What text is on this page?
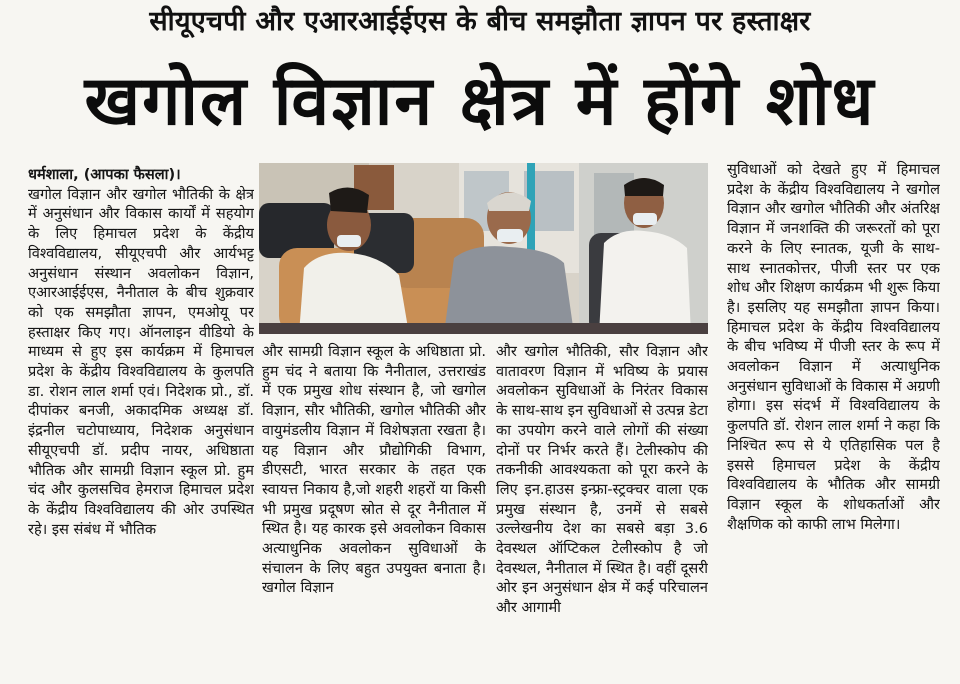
सीयूएचपी और एआरआईईएस के बीच समझौता ज्ञापन पर हस्ताक्षर
खगोल विज्ञान क्षेत्र में होंगे शोध
धर्मशाला, (आपका फैसला)।
खगोल विज्ञान और खगोल भौतिकी के क्षेत्र में अनुसंधान और विकास कार्यों में सहयोग के लिए हिमाचल प्रदेश के केंद्रीय विश्वविद्यालय, सीयूएचपी और आर्यभट्ट अनुसंधान संस्थान अवलोकन विज्ञान, एआरआईईएस, नैनीताल के बीच शुक्रवार को एक समझौता ज्ञापन, एमओयू पर हस्ताक्षर किए गए। ऑनलाइन वीडियो के माध्यम से हुए इस कार्यक्रम में हिमाचल प्रदेश के केंद्रीय विश्वविद्यालय के कुलपति डा. रोशन लाल शर्मा एवं। निदेशक प्रो., डॉ. दीपांकर बनजी, अकादमिक अध्यक्ष डॉ. इंद्रनील चटोपाध्याय, निदेशक अनुसंधान सीयूएचपी डॉ. प्रदीप नायर, अधिष्ठाता भौतिक और सामग्री विज्ञान स्कूल प्रो. हुम चंद और कुलसचिव हेमराज हिमाचल प्रदेश के केंद्रीय विश्वविद्यालय की ओर उपस्थित रहे। इस संबंध में भौतिक
और सामग्री विज्ञान स्कूल के अधिष्ठाता प्रो. हुम चंद ने बताया कि नैनीताल, उत्तराखंड में एक प्रमुख शोध संस्थान है, जो खगोल विज्ञान, सौर भौतिकी, खगोल भौतिकी और वायुमंडलीय विज्ञान में विशेषज्ञता रखता है। यह विज्ञान और प्रौद्योगिकी विभाग, डीएसटी, भारत सरकार के तहत एक स्वायत्त निकाय है,जो शहरी शहरों या किसी भी प्रमुख प्रदूषण स्रोत से दूर नैनीताल में स्थित है। यह कारक इसे अवलोकन विकास अत्याधुनिक अवलोकन सुविधाओं के संचालन के लिए बहुत उपयुक्त बनाता है। खगोल विज्ञान
और खगोल भौतिकी, सौर विज्ञान और वातावरण विज्ञान में भविष्य के प्रयास अवलोकन सुविधाओं के निरंतर विकास के साथ-साथ इन सुविधाओं से उत्पन्न डेटा का उपयोग करने वाले लोगों की संख्या दोनों पर निर्भर करते हैं। टेलीस्कोप की तकनीकी आवश्यकता को पूरा करने के लिए इन.हाउस इन्फ्रा-स्ट्रक्चर वाला एक प्रमुख संस्थान है, उनमें से सबसे उल्लेखनीय देश का सबसे बड़ा 3.6 देवस्थल ऑप्टिकल टेलीस्कोप है जो देवस्थल, नैनीताल में स्थित है। वहीं दूसरी ओर इन अनुसंधान क्षेत्र में कई परिचालन और आगामी
सुविधाओं को देखते हुए में हिमाचल प्रदेश के केंद्रीय विश्वविद्यालय ने खगोल विज्ञान और खगोल भौतिकी और अंतरिक्ष विज्ञान में जनशक्ति की जरूरतों को पूरा करने के लिए स्नातक, यूजी के साथ-साथ स्नातकोत्तर, पीजी स्तर पर एक शोध और शिक्षण कार्यक्रम भी शुरू किया है। इसलिए यह समझौता ज्ञापन किया। हिमाचल प्रदेश के केंद्रीय विश्वविद्यालय के बीच भविष्य में पीजी स्तर के रूप में अवलोकन विज्ञान में अत्याधुनिक अनुसंधान सुविधाओं के विकास में अग्रणी होगा। इस संदर्भ में विश्वविद्यालय के कुलपति डॉ. रोशन लाल शर्मा ने कहा कि निश्चित रूप से ये एतिहासिक पल है इससे हिमाचल प्रदेश के केंद्रीय विश्वविद्यालय के भौतिक और सामग्री विज्ञान स्कूल के शोधकर्ताओं और शैक्षणिक को काफी लाभ मिलेगा।
